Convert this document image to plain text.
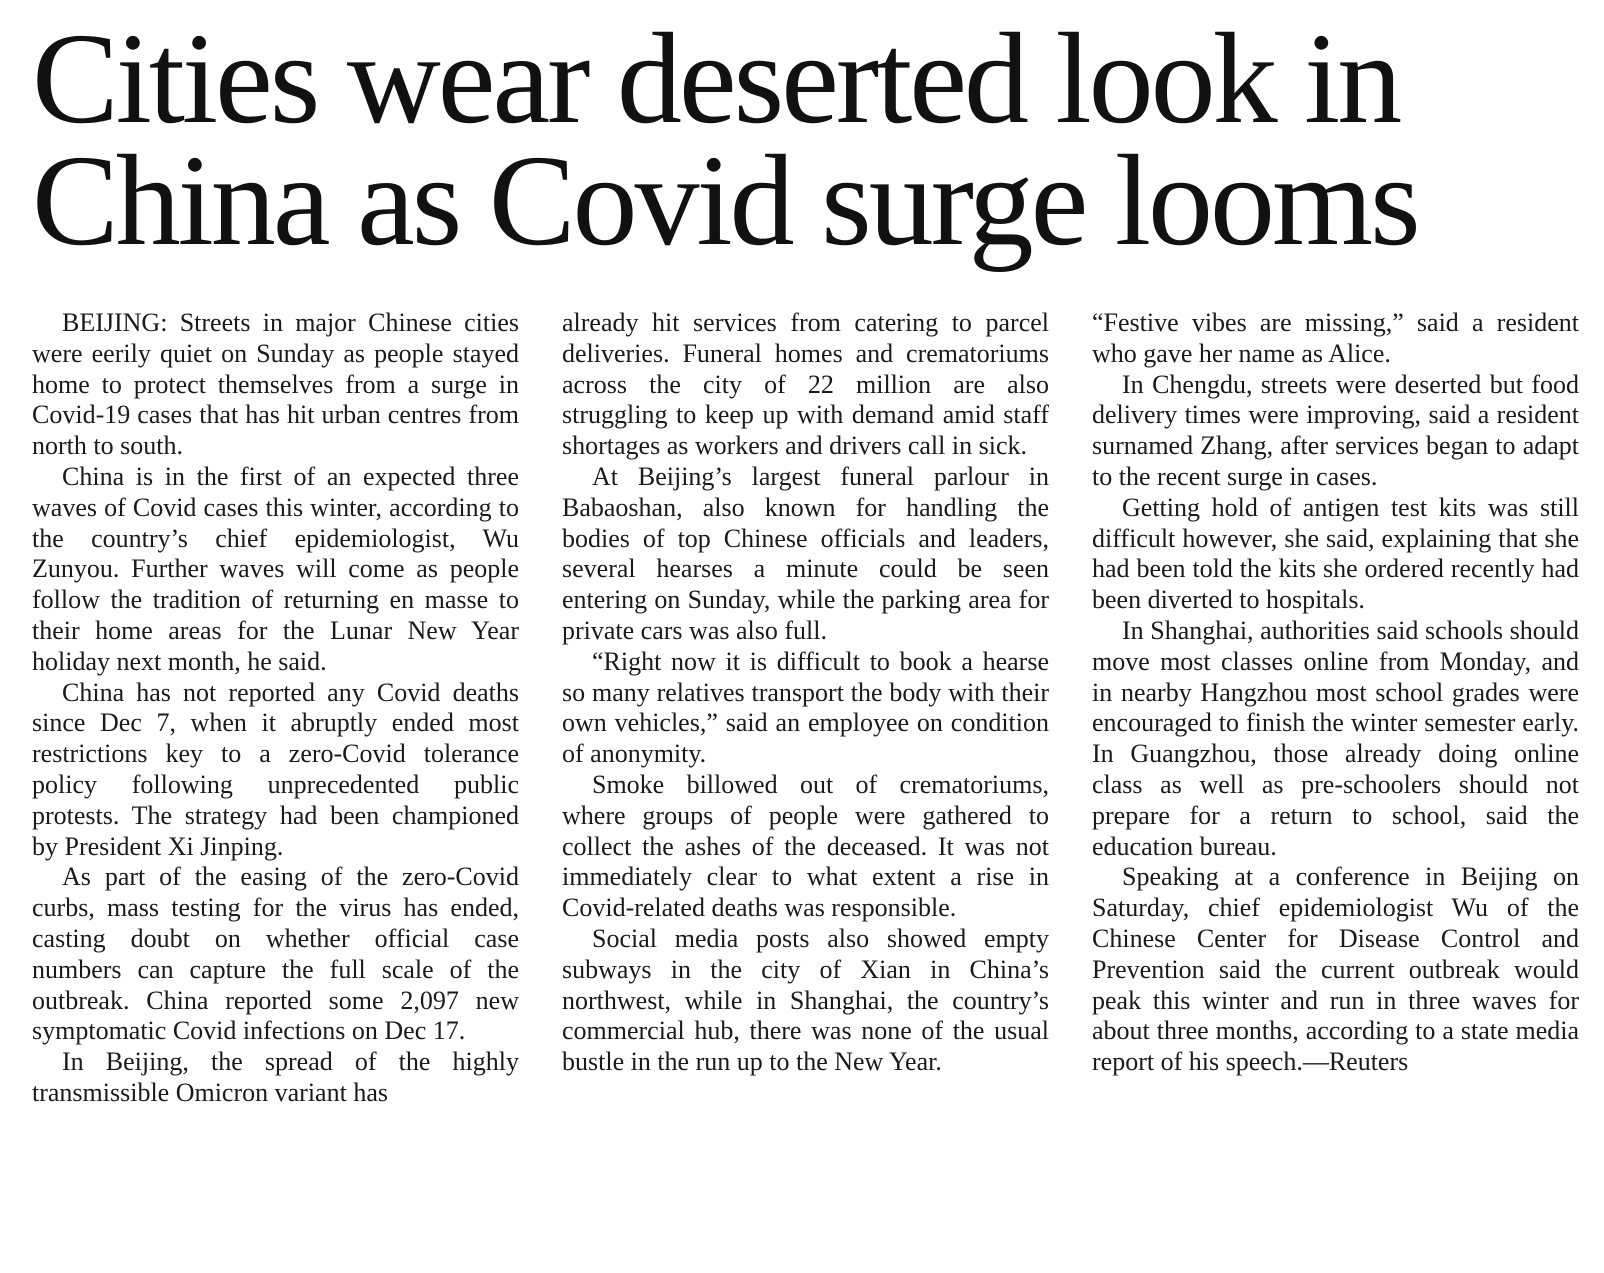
Cities wear deserted look in
China as Covid surge looms

BEIJING: Streets in major Chinese cities were eerily quiet on Sunday as people stayed home to protect themselves from a surge in Covid-19 cases that has hit urban centres from north to south.

China is in the first of an expected three waves of Covid cases this winter, according to the country’s chief epidemiologist, Wu Zunyou. Further waves will come as people follow the tradition of returning en masse to their home areas for the Lunar New Year holiday next month, he said.

China has not reported any Covid deaths since Dec 7, when it abruptly ended most restrictions key to a zero-Covid tolerance policy following unprecedented public protests. The strategy had been championed by President Xi Jinping.

As part of the easing of the zero-Covid curbs, mass testing for the virus has ended, casting doubt on whether official case numbers can capture the full scale of the outbreak. China reported some 2,097 new symptomatic Covid infections on Dec 17.

In Beijing, the spread of the highly transmissible Omicron variant has

already hit services from catering to parcel deliveries. Funeral homes and crematoriums across the city of 22 million are also struggling to keep up with demand amid staff shortages as workers and drivers call in sick.

At Beijing’s largest funeral parlour in Babaoshan, also known for handling the bodies of top Chinese officials and leaders, several hearses a minute could be seen entering on Sunday, while the parking area for private cars was also full.

“Right now it is difficult to book a hearse so many relatives transport the body with their own vehicles,” said an employee on condition of anonymity.

Smoke billowed out of crematoriums, where groups of people were gathered to collect the ashes of the deceased. It was not immediately clear to what extent a rise in Covid-related deaths was responsible.

Social media posts also showed empty subways in the city of Xian in China’s northwest, while in Shanghai, the country’s commercial hub, there was none of the usual bustle in the run up to the New Year.

“Festive vibes are missing,” said a resident who gave her name as Alice.

In Chengdu, streets were deserted but food delivery times were improving, said a resident surnamed Zhang, after services began to adapt to the recent surge in cases.

Getting hold of antigen test kits was still difficult however, she said, explaining that she had been told the kits she ordered recently had been diverted to hospitals.

In Shanghai, authorities said schools should move most classes online from Monday, and in nearby Hangzhou most school grades were encouraged to finish the winter semester early. In Guangzhou, those already doing online class as well as pre-schoolers should not prepare for a return to school, said the education bureau.

Speaking at a conference in Beijing on Saturday, chief epidemiologist Wu of the Chinese Center for Disease Control and Prevention said the current outbreak would peak this winter and run in three waves for about three months, according to a state media report of his speech.—Reuters
